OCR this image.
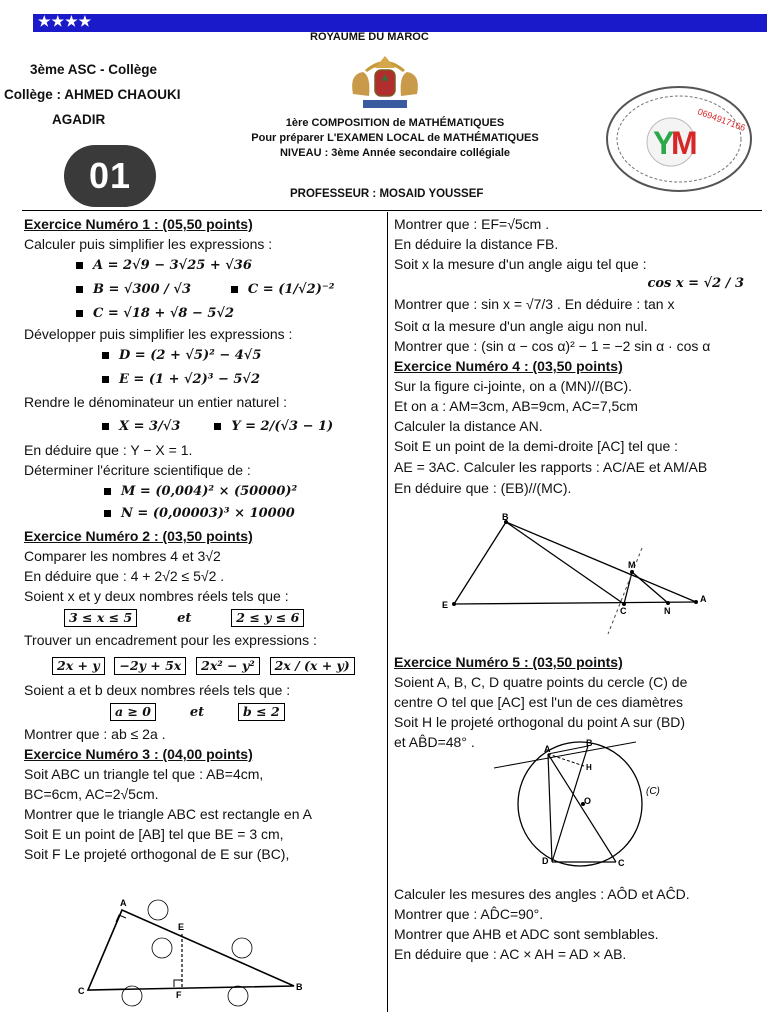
★★★★
ROYAUME DU MAROC
3ème ASC - Collège
Collège : AHMED CHAOUKI
AGADIR	1ère COMPOSITION de MATHÉMATIQUES
Pour préparer L'EXAMEN LOCAL de MATHÉMATIQUES
NIVEAU : 3ème Année secondaire collégiale
01
Y
M
0694917166
PROFESSEUR : MOSAID YOUSSEF

Exercice Numéro 1 : (05,50 points)

Calculer puis simplifier les expressions :

A = 2√9 − 3√25 + √36

B = √300 / √3	C = (1/√2)⁻²

C = √18 + √8 − 5√2

Développer puis simplifier les expressions :

D = (2 + √5)² − 4√5

E = (1 + √2)³ − 5√2

Rendre le dénominateur un entier naturel :

X = 3/√3	Y = 2/(√3 − 1)

En déduire que : Y − X = 1.

Déterminer l'écriture scientifique de :

M = (0,004)² × (50000)²

N = (0,00003)³ × 10000

Exercice Numéro 2 : (03,50 points)

Comparer les nombres 4 et 3√2

En déduire que : 4 + 2√2 ≤ 5√2 .

Soient x et y deux nombres réels tels que :

3 ≤ x ≤ 5	et	2 ≤ y ≤ 6

Trouver un encadrement pour les expressions :

2x + y −2y + 5x 2x² − y² 2x / (x + y)

Soient a et b deux nombres réels tels que :

a ≥ 0	et	b ≤ 2

Montrer que : ab ≤ 2a .

Exercice Numéro 3 : (04,00 points)

Soit ABC un triangle tel que : AB=4cm,

BC=6cm, AC=2√5cm.

Montrer que le triangle ABC est rectangle en A

Soit E un point de [AB] tel que BE = 3 cm,

Soit F Le projeté orthogonal de E sur (BC),

A
C	B
E
F

Montrer que : EF=√5cm .

En déduire la distance FB.

Soit x la mesure d'un angle aigu tel que :

cos x = √2 / 3

Montrer que : sin x = √7/3 . En déduire : tan x

Soit α la mesure d'un angle aigu non nul.

Montrer que : (sin α − cos α)² − 1 = −2 sin α · cos α

Exercice Numéro 4 : (03,50 points)

Sur la figure ci-jointe, on a (MN)//(BC).

Et on a : AM=3cm, AB=9cm, AC=7,5cm

Calculer la distance AN.

Soit E un point de la demi-droite [AC] tel que :

AE = 3AC. Calculer les rapports : AC/AE et AM/AB

En déduire que : (EB)//(MC).

B
E
C	N
A
M

Exercice Numéro 5 : (03,50 points)

Soient A, B, C, D quatre points du cercle (C) de

centre O tel que [AC] est l'un de ces diamètres

Soit H le projeté orthogonal du point A sur (BD)

et AB̂D=48° .	A
B
H
O
D	C
(C)

Calculer les mesures des angles : AÔD et AĈD.

Montrer que : AD̂C=90°.

Montrer que AHB et ADC sont semblables.

En déduire que : AC × AH = AD × AB.
